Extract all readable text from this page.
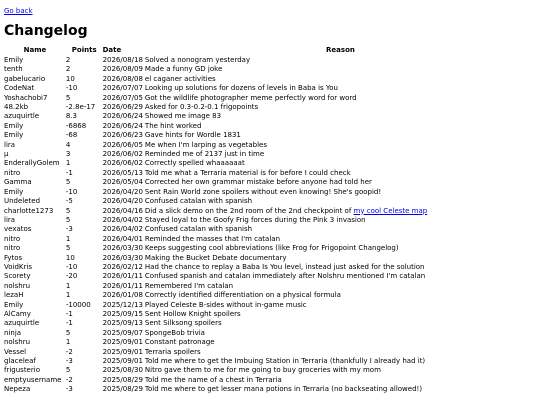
Go back
Changelog
Name	Points	Date	Reason
Emily	2	2026/08/18	Solved a nonogram yesterday
tenth	2	2026/08/09	Made a funny GD joke
gabelucario	10	2026/08/08	el caganer activities
CodeNat	-10	2026/07/07	Looking up solutions for dozens of levels in Baba is You
Yoshachobi7	5	2026/07/05	Got the wildlife photographer meme perfectly word for word
48.2kb	-2.8e-17	2026/06/29	Asked for 0.3-0.2-0.1 frigopoints
azuquirtle	8.3	2026/06/24	Showed me image 83
Emily	-6868	2026/06/24	The hint worked
Emily	-68	2026/06/23	Gave hints for Wordle 1831
lira	4	2026/06/05	Me when I'm larping as vegetables
μ	3	2026/06/02	Reminded me of 2137 just in time
EnderallyGolem	1	2026/06/02	Correctly spelled whaaaaaat
nitro	-1	2026/05/13	Told me what a Terraria material is for before I could check
Gamma	5	2026/05/04	Corrected her own grammar mistake before anyone had told her
Emily	-10	2026/04/20	Sent Rain World zone spoilers without even knowing! She's goopid!
Undeleted	-5	2026/04/20	Confused catalan with spanish
charlotte1273	5	2026/04/16	Did a slick demo on the 2nd room of the 2nd checkpoint of my cool Celeste map
lira	5	2026/04/02	Stayed loyal to the Goofy Frig forces during the Pink 3 invasion
vexatos	-3	2026/04/02	Confused catalan with spanish
nitro	1	2026/04/01	Reminded the masses that I'm catalan
nitro	5	2026/03/30	Keeps suggesting cool abbreviations (like Frog for Frigopoint Changelog)
Fytos	10	2026/03/30	Making the Bucket Debate documentary
VoidKris	-10	2026/02/12	Had the chance to replay a Baba Is You level, instead just asked for the solution
Scorety	-20	2026/01/11	Confused spanish and catalan immediately after Nolshru mentioned I'm catalan
nolshru	1	2026/01/11	Remembered I'm catalan
lezaH	1	2026/01/08	Correctly identified differentiation on a physical formula
Emily	-10000	2025/12/13	Played Celeste B-sides without in-game music
AlCamy	-1	2025/09/15	Sent Hollow Knight spoilers
azuquirtle	-1	2025/09/13	Sent Silksong spoilers
ninja	5	2025/09/07	SpongeBob trivia
nolshru	1	2025/09/01	Constant patronage
Vessel	-2	2025/09/01	Terraria spoilers
glaceleaf	-3	2025/09/01	Told me where to get the Imbuing Station in Terraria (thankfully I already had it)
frigusterio	5	2025/08/30	Nitro gave them to me for me going to buy groceries with my mom
emptyusername	-2	2025/08/29	Told me the name of a chest in Terraria
Nepeza	-3	2025/08/29	Told me where to get lesser mana potions in Terraria (no backseating allowed!)
